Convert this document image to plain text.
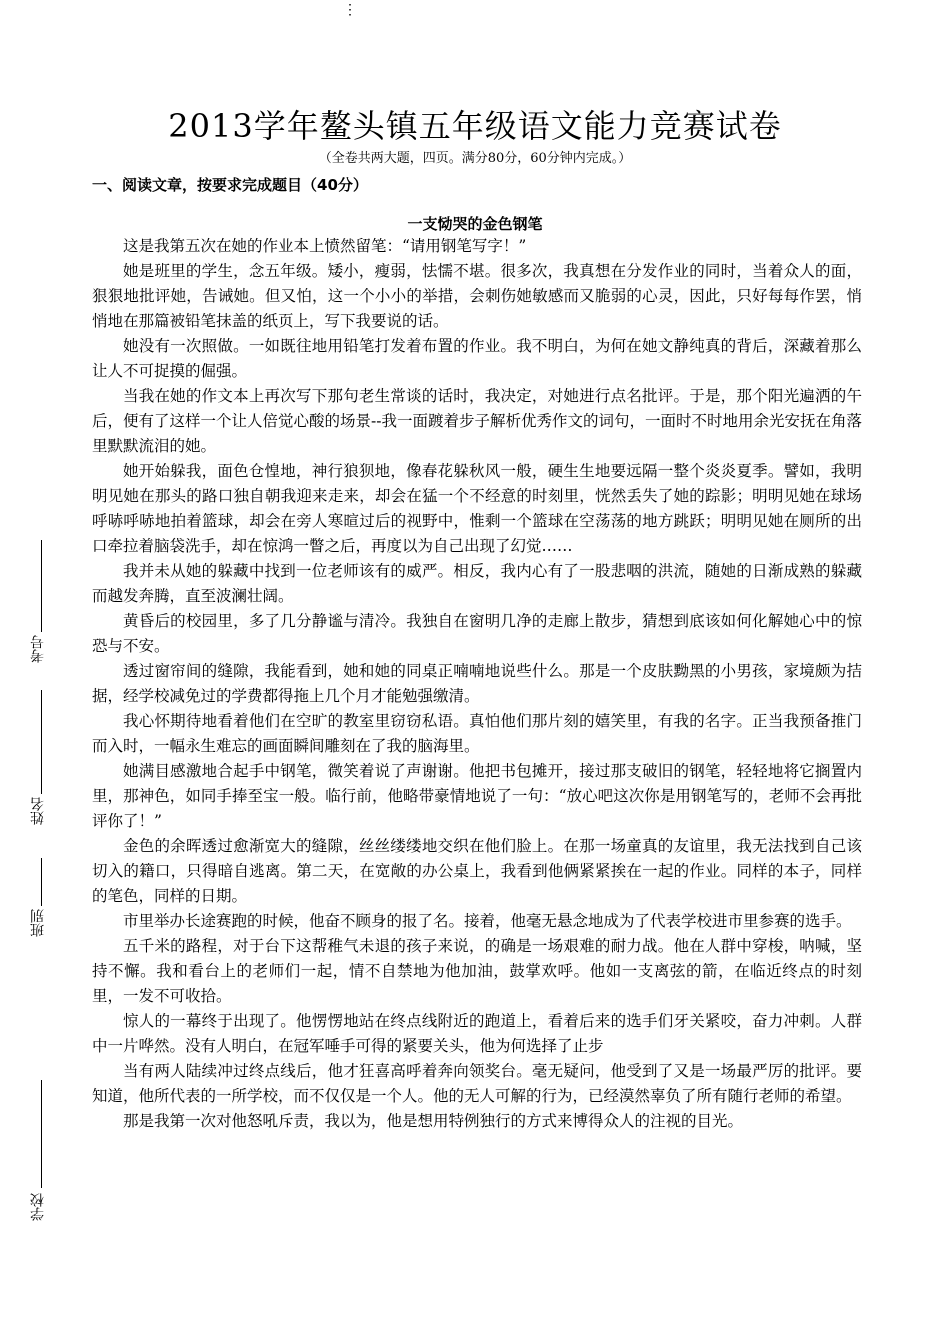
⋮
2013学年鳌头镇五年级语文能力竞赛试卷
（全卷共两大题，四页。满分80分，60分钟内完成。）
一、阅读文章，按要求完成题目（40分）
一支恸哭的金色钢笔

这是我第五次在她的作业本上愤然留笔：“请用钢笔写字！”

她是班里的学生，念五年级。矮小，瘦弱，怯懦不堪。很多次，我真想在分发作业的同时，当着众人的面，狠狠地批评她，告诫她。但又怕，这一个小小的举措，会刺伤她敏感而又脆弱的心灵，因此，只好每每作罢，悄悄地在那篇被铅笔抹盖的纸页上，写下我要说的话。

她没有一次照做。一如既往地用铅笔打发着布置的作业。我不明白，为何在她文静纯真的背后，深藏着那么让人不可捉摸的倔强。

当我在她的作文本上再次写下那句老生常谈的话时，我决定，对她进行点名批评。于是，那个阳光遍洒的午后，便有了这样一个让人倍觉心酸的场景--我一面踱着步子解析优秀作文的词句，一面时不时地用余光安抚在角落里默默流泪的她。

她开始躲我，面色仓惶地，神行狼狈地，像春花躲秋风一般，硬生生地要远隔一整个炎炎夏季。譬如，我明明见她在那头的路口独自朝我迎来走来，却会在猛一个不经意的时刻里，恍然丢失了她的踪影；明明见她在球场呼哧呼哧地拍着篮球，却会在旁人寒暄过后的视野中，惟剩一个篮球在空荡荡的地方跳跃；明明见她在厕所的出口牵拉着脑袋洗手，却在惊鸿一瞥之后，再度以为自己出现了幻觉……

我并未从她的躲藏中找到一位老师该有的威严。相反，我内心有了一股悲咽的洪流，随她的日渐成熟的躲藏而越发奔腾，直至波澜壮阔。

黄昏后的校园里，多了几分静谧与清冷。我独自在窗明几净的走廊上散步，猜想到底该如何化解她心中的惊恐与不安。

透过窗帘间的缝隙，我能看到，她和她的同桌正喃喃地说些什么。那是一个皮肤黝黑的小男孩，家境颇为拮据，经学校减免过的学费都得拖上几个月才能勉强缴清。

我心怀期待地看着他们在空旷的教室里窃窃私语。真怕他们那片刻的嬉笑里，有我的名字。正当我预备推门而入时，一幅永生难忘的画面瞬间雕刻在了我的脑海里。

她满目感激地合起手中钢笔，微笑着说了声谢谢。他把书包摊开，接过那支破旧的钢笔，轻轻地将它搁置内里，那神色，如同手捧至宝一般。临行前，他略带豪情地说了一句：“放心吧这次你是用钢笔写的，老师不会再批评你了！”

金色的余晖透过愈渐宽大的缝隙，丝丝缕缕地交织在他们脸上。在那一场童真的友谊里，我无法找到自己该切入的籍口，只得暗自逃离。第二天，在宽敞的办公桌上，我看到他俩紧紧挨在一起的作业。同样的本子，同样的笔色，同样的日期。

市里举办长途赛跑的时候，他奋不顾身的报了名。接着，他毫无悬念地成为了代表学校进市里参赛的选手。

五千米的路程，对于台下这帮稚气未退的孩子来说，的确是一场艰难的耐力战。他在人群中穿梭，呐喊，坚持不懈。我和看台上的老师们一起，情不自禁地为他加油，鼓掌欢呼。他如一支离弦的箭，在临近终点的时刻里，一发不可收拾。

惊人的一幕终于出现了。他愣愣地站在终点线附近的跑道上，看着后来的选手们牙关紧咬，奋力冲刺。人群中一片哗然。没有人明白，在冠军唾手可得的紧要关头，他为何选择了止步

当有两人陆续冲过终点线后，他才狂喜高呼着奔向领奖台。毫无疑问，他受到了又是一场最严厉的批评。要知道，他所代表的一所学校，而不仅仅是一个人。他的无人可解的行为，已经漠然辜负了所有随行老师的希望。

那是我第一次对他怒吼斥责，我以为，他是想用特例独行的方式来博得众人的注视的目光。

考号
姓名
班别
学校
